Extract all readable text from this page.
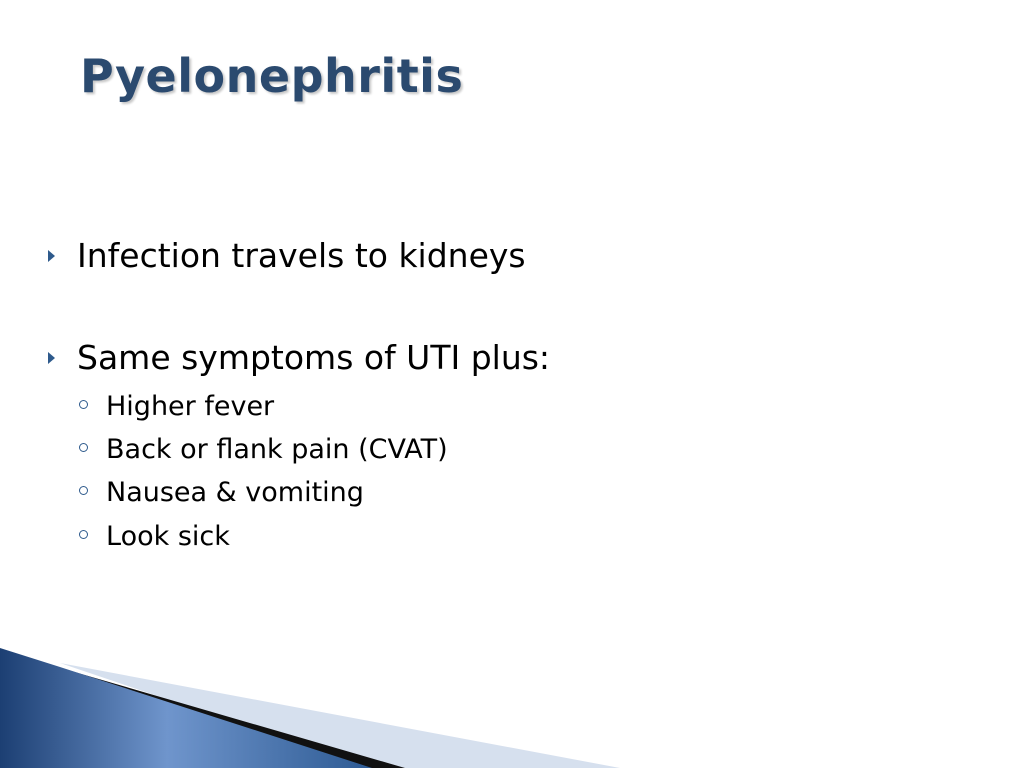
Pyelonephritis
Infection travels to kidneys
Same symptoms of UTI plus:
Higher fever
Back or flank pain (CVAT)
Nausea & vomiting
Look sick
